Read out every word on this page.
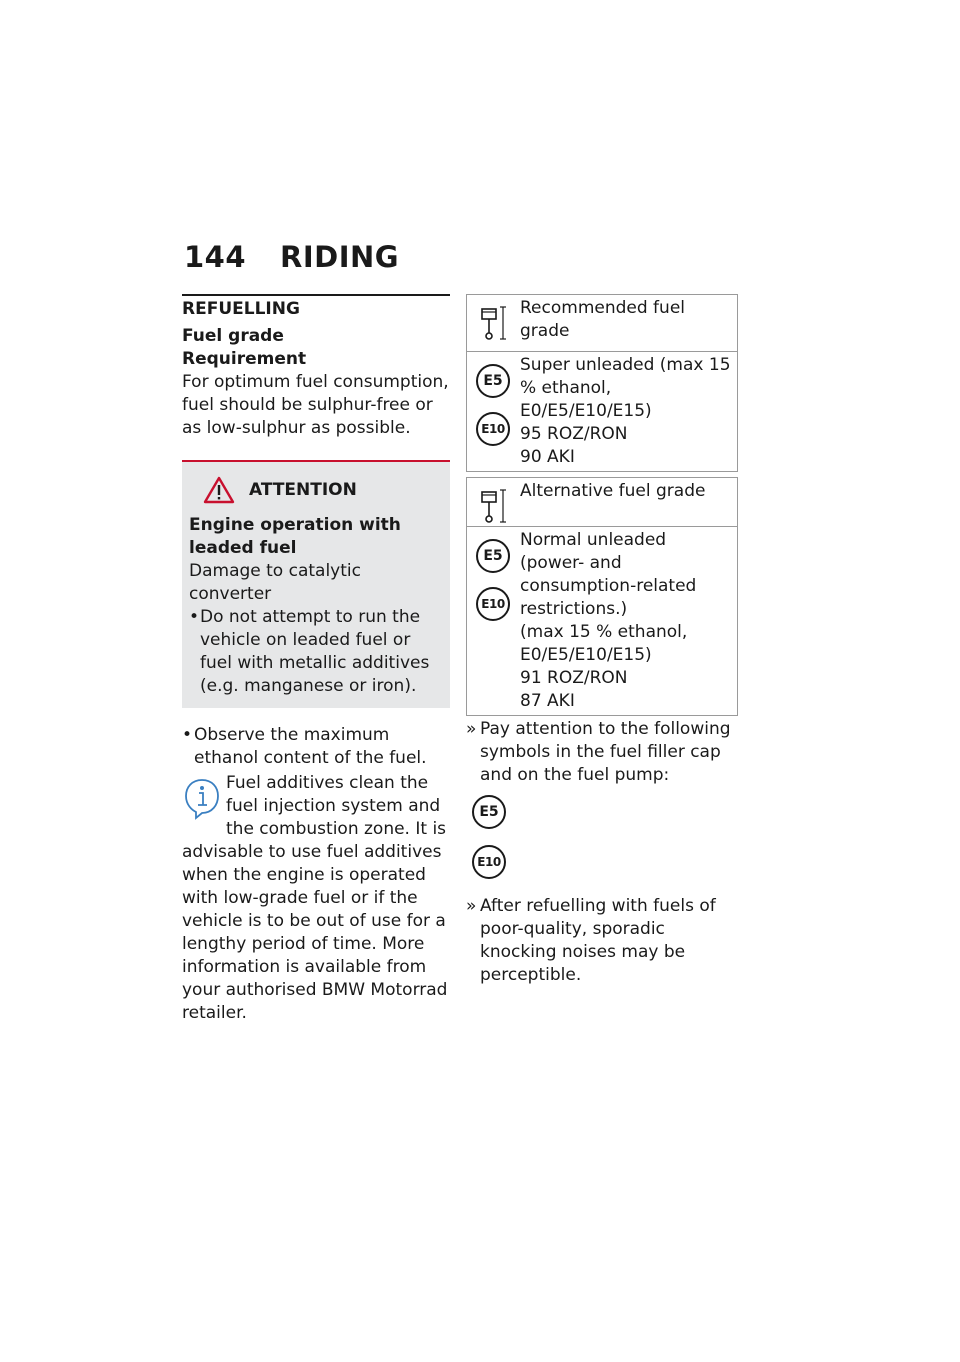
144 RIDING
REFUELLING
Fuel grade
Requirement

For optimum fuel consumption, fuel should be sulphur-free or as low-sulphur as possible.

ATTENTION
Engine operation with leaded fuel

Damage to catalytic converter

• Do not attempt to run the vehicle on leaded fuel or fuel with metallic additives (e.g. manganese or iron).
• Observe the maximum ethanol content of the fuel.

Fuel additives clean the fuel injection system and the combustion zone. It is advisable to use fuel additives when the engine is operated with low-grade fuel or if the vehicle is to be out of use for a lengthy period of time. More information is available from your authorised BMW Motorrad retailer.

Recommended fuel grade
E5
E10

Super unleaded (max 15 % ethanol, E0/E5/E10/E15)

95 ROZ/RON

90 AKI

Alternative fuel grade
E5
E10

Normal unleaded (power- and consumption-related restrictions.)

(max 15 % ethanol, E0/E5/E10/E15)

91 ROZ/RON

87 AKI

» Pay attention to the following symbols in the fuel filler cap and on the fuel pump:
E5
E10
» After refuelling with fuels of poor-quality, sporadic knocking noises may be perceptible.
